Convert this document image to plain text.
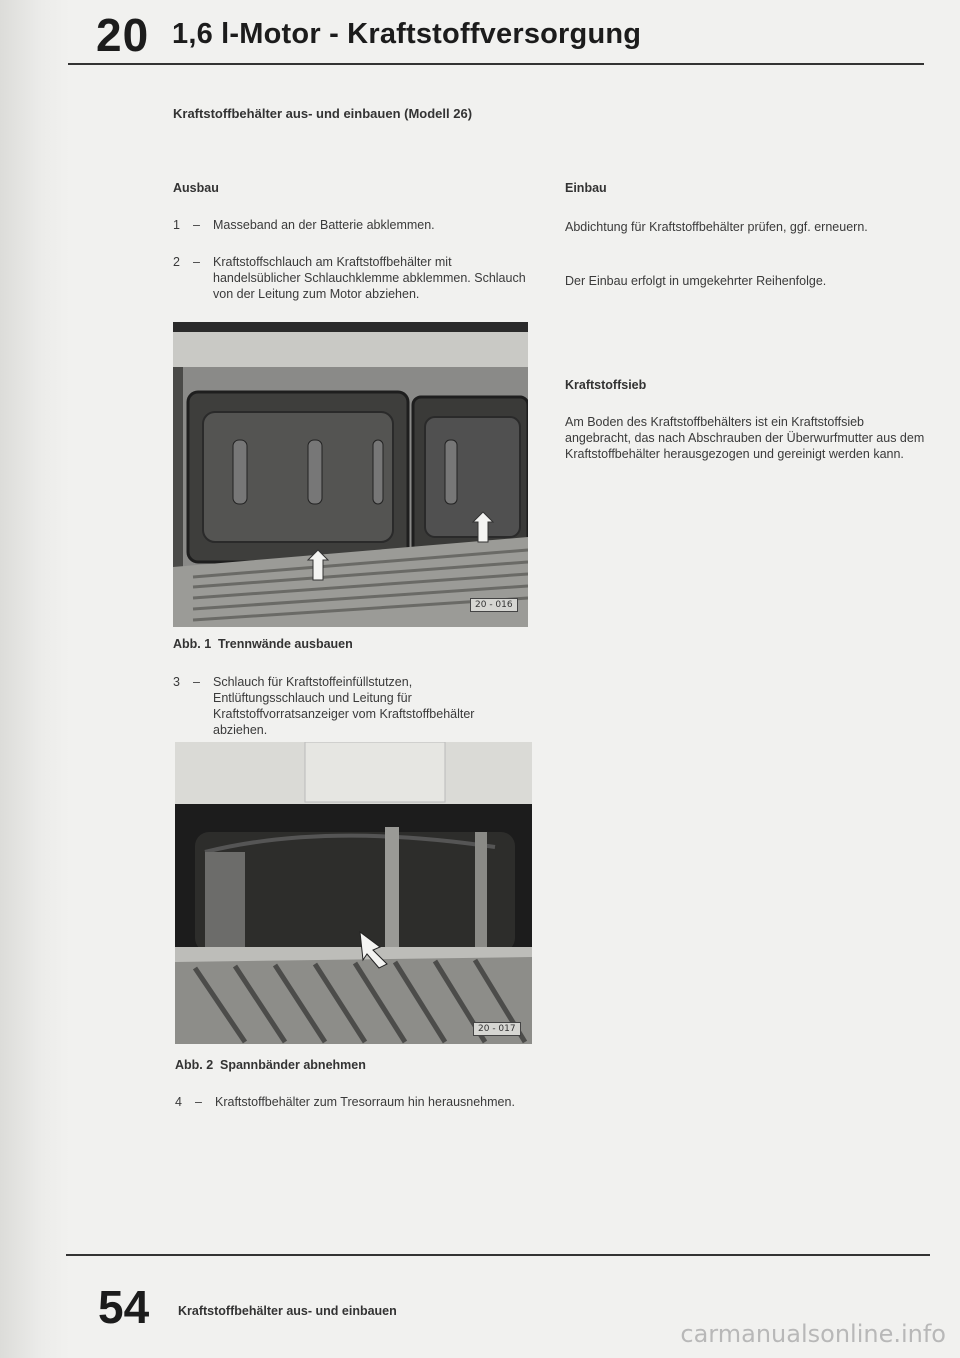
20 1,6 l-Motor - Kraftstoffversorgung
Kraftstoffbehälter aus- und einbauen (Modell 26)
Ausbau
1 – Masseband an der Batterie abklemmen.
2 – Kraftstoffschlauch am Kraftstoffbehälter mit handelsüblicher Schlauchklemme abklemmen. Schlauch von der Leitung zum Motor abziehen.
20 - 016
Abb. 1 Trennwände ausbauen
3 – Schlauch für Kraftstoffeinfüllstutzen, Entlüftungsschlauch und Leitung für Kraftstoffvorratsanzeiger vom Kraftstoffbehälter abziehen.
20 - 017
Abb. 2 Spannbänder abnehmen
4 – Kraftstoffbehälter zum Tresorraum hin herausnehmen.
Einbau
Abdichtung für Kraftstoffbehälter prüfen, ggf. erneuern.
Der Einbau erfolgt in umgekehrter Reihenfolge.
Kraftstoffsieb
Am Boden des Kraftstoffbehälters ist ein Kraftstoffsieb angebracht, das nach Abschrauben der Überwurfmutter aus dem Kraftstoffbehälter herausgezogen und gereinigt werden kann.
54 Kraftstoffbehälter aus- und einbauen
carmanualsonline.info
